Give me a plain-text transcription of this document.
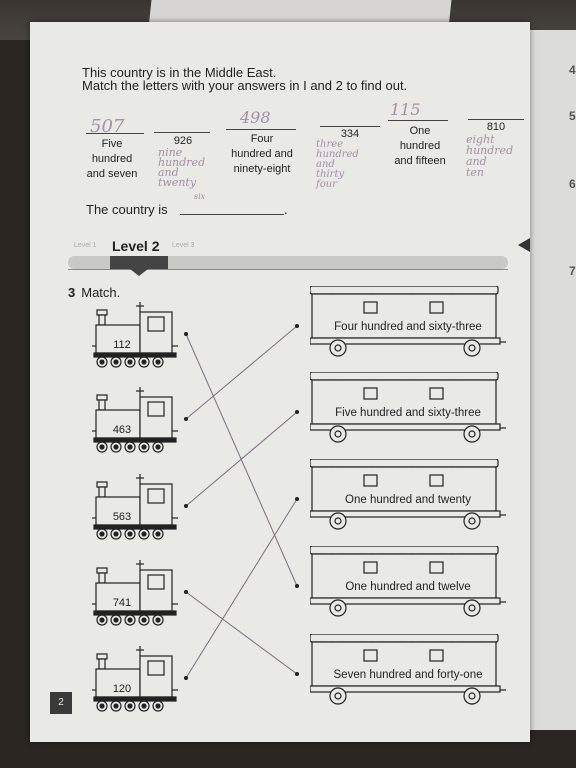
4
5
6
7
This country is in the Middle East.
Match the letters with your answers in I and 2 to find out.
507
Five
hundred
and seven
926
nine
hundred
and
twenty
six
498
Four
hundred and
ninety-eight
334
three
hundred
and
thirty
four
115
One
hundred
and fifteen
810
eight
hundred
and
ten
The country is	.
Level 1 Level 2 Level 3
3 Match.
112
463
563
741
120
Four hundred and sixty-three
Five hundred and sixty-three
One hundred and twenty
One hundred and twelve
Seven hundred and forty-one
2
